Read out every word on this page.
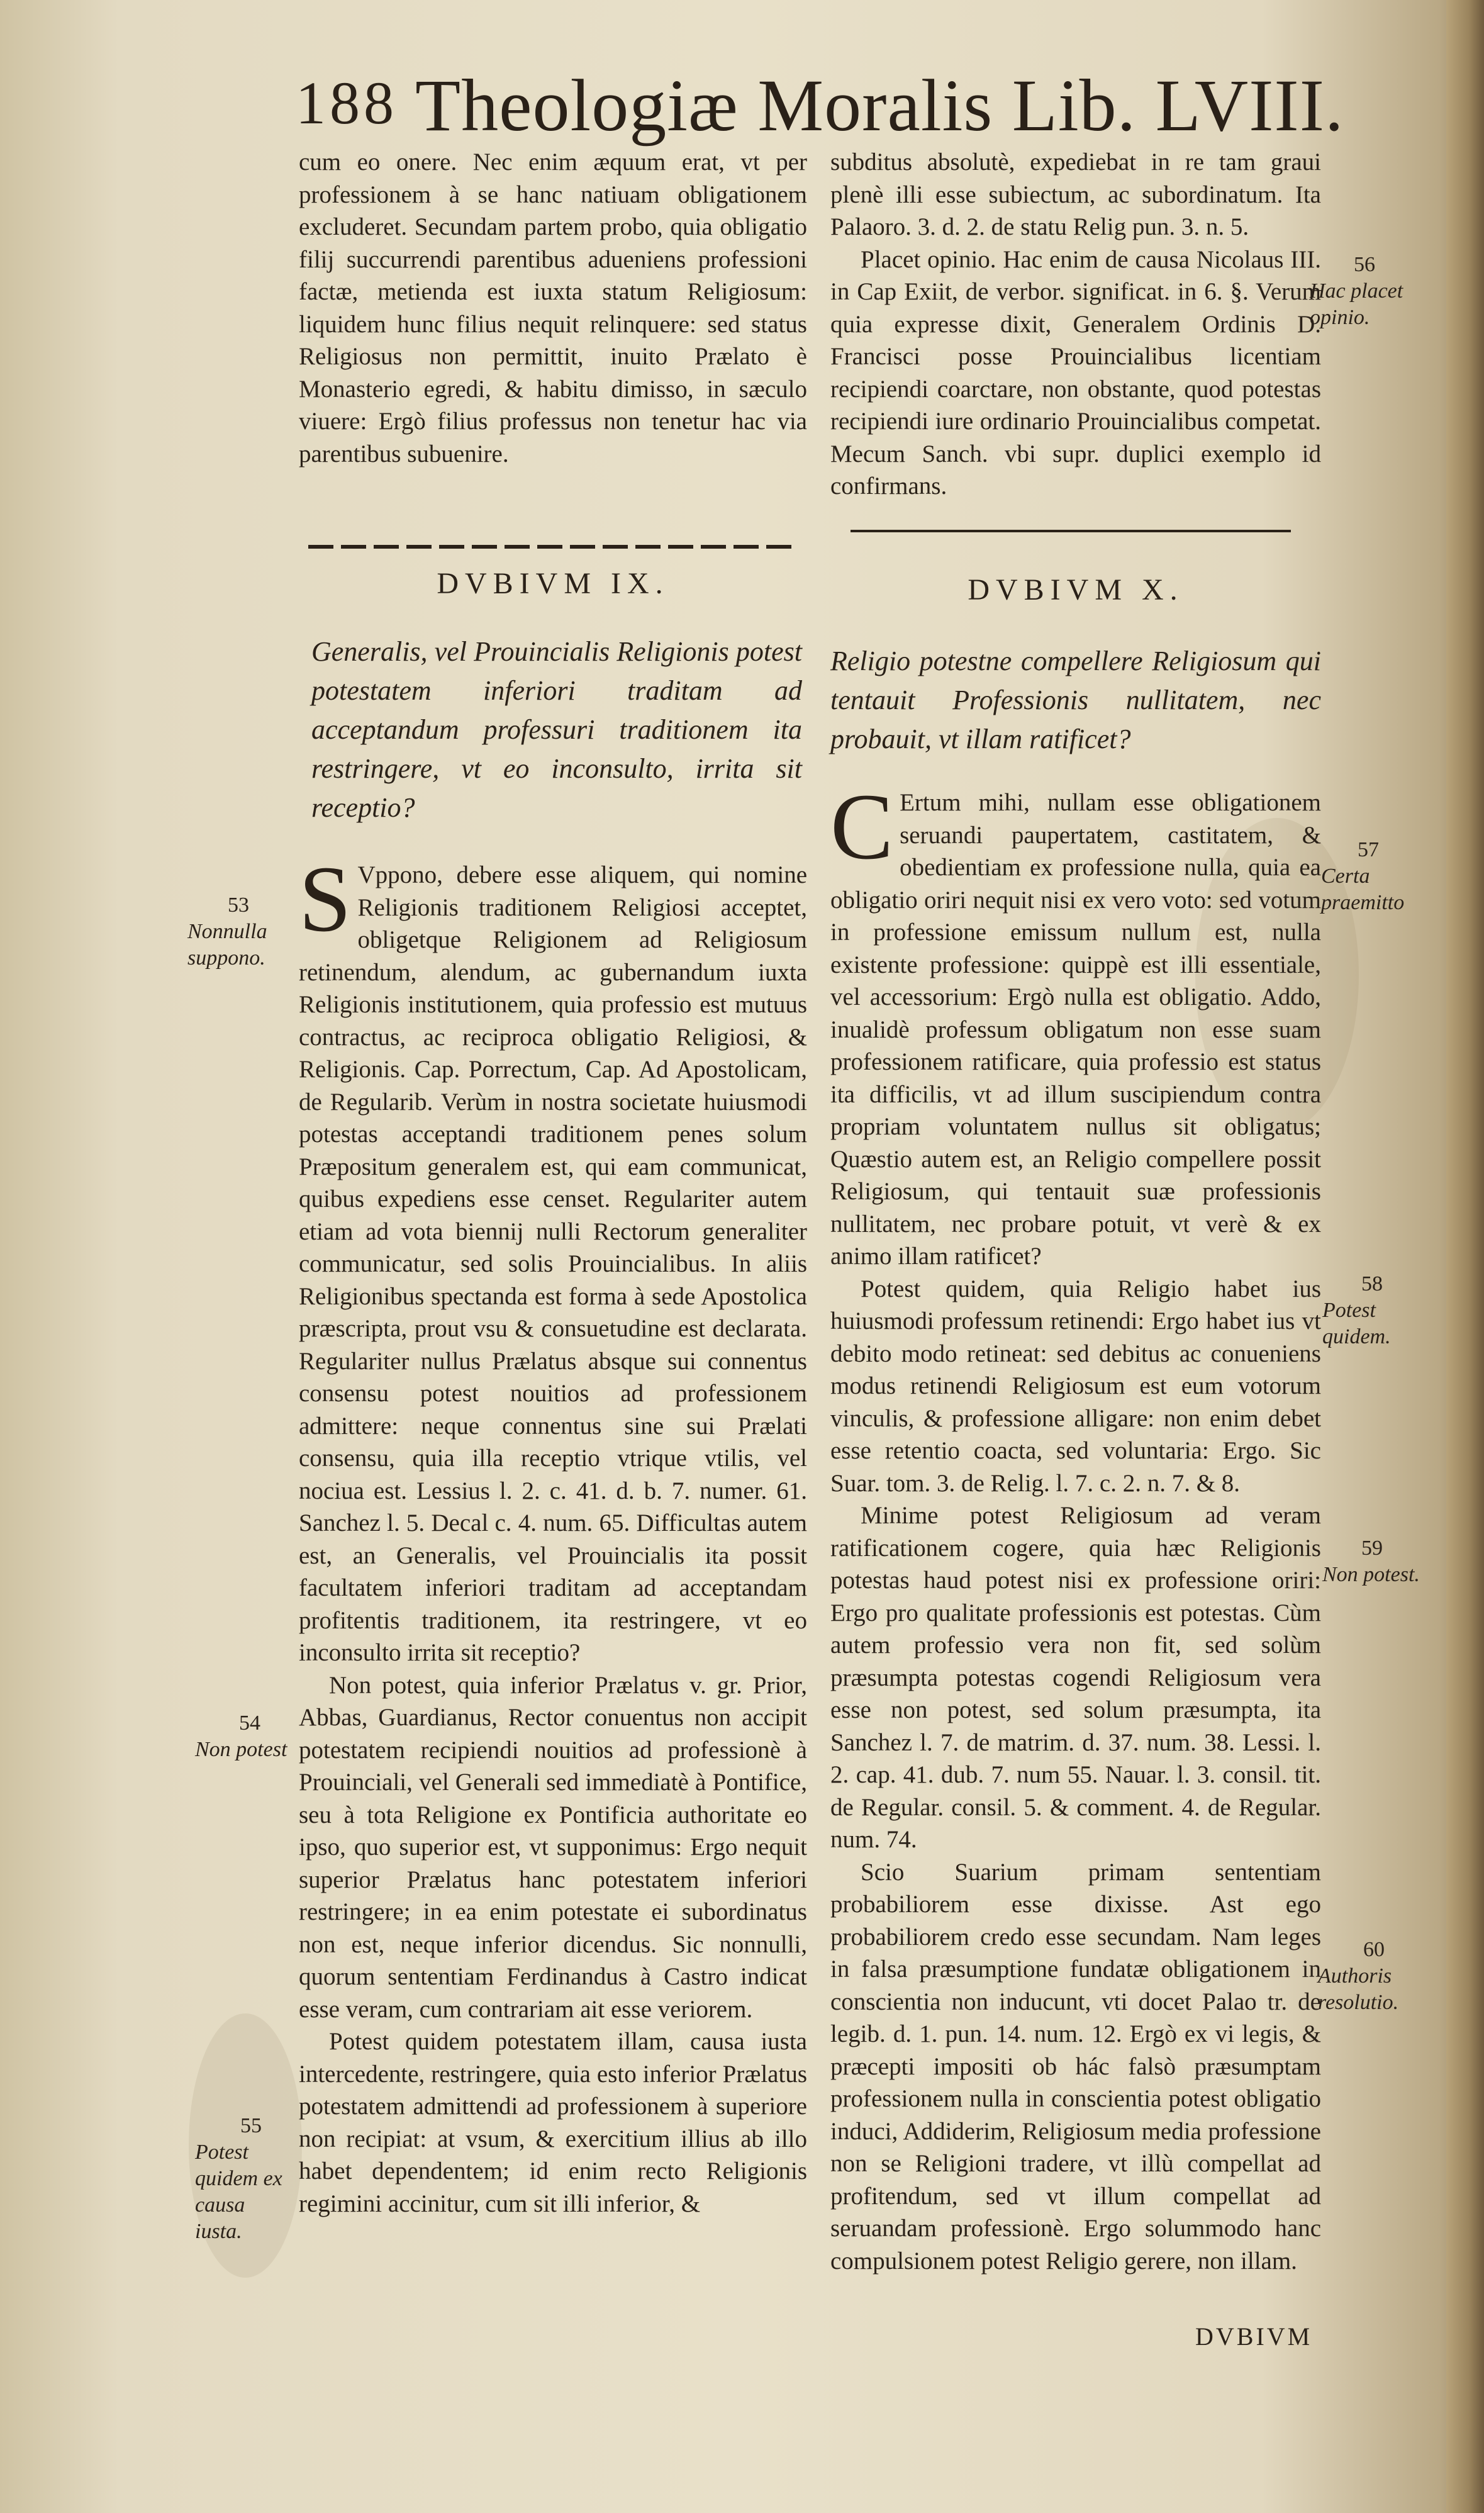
188 Theologiæ Moralis Lib. LVIII.

cum eo onere. Nec enim æquum erat, vt per professionem à se hanc natiuam obligationem excluderet. Secundam partem probo, quia obligatio filij succurrendi parentibus adueniens professioni factæ, metienda est iuxta statum Religiosum: liquidem hunc filius nequit relinquere: sed status Religiosus non permittit, inuito Prælato è Monasterio egredi, & habitu dimisso, in sæculo viuere: Ergò filius professus non tenetur hac via parentibus subuenire.

subditus absolutè, expediebat in re tam graui plenè illi esse subiectum, ac subordinatum. Ita Palaoro. 3. d. 2. de statu Relig pun. 3. n. 5.

Placet opinio. Hac enim de causa Nicolaus III. in Cap Exiit, de verbor. significat. in 6. §. Verum quia expresse dixit, Generalem Ordinis D. Francisci posse Prouincialibus licentiam recipiendi coarctare, non obstante, quod potestas recipiendi iure ordinario Prouincialibus competat. Mecum Sanch. vbi supr. duplici exemplo id confirmans.

DVBIVM IX.
Generalis, vel Prouincialis Religionis potest potestatem inferiori traditam ad acceptandum professuri traditionem ita restringere, vt eo inconsulto, irrita sit receptio?

S Vppono, debere esse aliquem, qui nomine Religionis traditionem Religiosi acceptet, obligetque Religionem ad Religiosum retinendum, alendum, ac gubernandum iuxta Religionis institutionem, quia professio est mutuus contractus, ac reciproca obligatio Religiosi, & Religionis. Cap. Porrectum, Cap. Ad Apostolicam, de Regularib. Verùm in nostra societate huiusmodi potestas acceptandi traditionem penes solum Præpositum generalem est, qui eam communicat, quibus expediens esse censet. Regulariter autem etiam ad vota biennij nulli Rectorum generaliter communicatur, sed solis Prouincialibus. In aliis Religionibus spectanda est forma à sede Apostolica præscripta, prout vsu & consuetudine est declarata. Regulariter nullus Prælatus absque sui connentus consensu potest nouitios ad professionem admittere: neque connentus sine sui Prælati consensu, quia illa receptio vtrique vtilis, vel nociua est. Lessius l. 2. c. 41. d. b. 7. numer. 61. Sanchez l. 5. Decal c. 4. num. 65. Difficultas autem est, an Generalis, vel Prouincialis ita possit facultatem inferiori traditam ad acceptandam profitentis traditionem, ita restringere, vt eo inconsulto irrita sit receptio?

Non potest, quia inferior Prælatus v. gr. Prior, Abbas, Guardianus, Rector conuentus non accipit potestatem recipiendi nouitios ad professionè à Prouinciali, vel Generali sed immediatè à Pontifice, seu à tota Religione ex Pontificia authoritate eo ipso, quo superior est, vt supponimus: Ergo nequit superior Prælatus hanc potestatem inferiori restringere; in ea enim potestate ei subordinatus non est, neque inferior dicendus. Sic nonnulli, quorum sententiam Ferdinandus à Castro indicat esse veram, cum contrariam ait esse veriorem.

Potest quidem potestatem illam, causa iusta intercedente, restringere, quia esto inferior Prælatus potestatem admittendi ad professionem à superiore non recipiat: at vsum, & exercitium illius ab illo habet dependentem; id enim recto Religionis regimini accinitur, cum sit illi inferior, &

DVBIVM X.
Religio potestne compellere Religiosum qui tentauit Professionis nullitatem, nec probauit, vt illam ratificet?

C Ertum mihi, nullam esse obligationem seruandi paupertatem, castitatem, & obedientiam ex professione nulla, quia ea obligatio oriri nequit nisi ex vero voto: sed votum in professione emissum nullum est, nulla existente professione: quippè est illi essentiale, vel accessorium: Ergò nulla est obligatio. Addo, inualidè professum obligatum non esse suam professionem ratificare, quia professio est status ita difficilis, vt ad illum suscipiendum contra propriam voluntatem nullus sit obligatus; Quæstio autem est, an Religio compellere possit Religiosum, qui tentauit suæ professionis nullitatem, nec probare potuit, vt verè & ex animo illam ratificet?

Potest quidem, quia Religio habet ius huiusmodi professum retinendi: Ergo habet ius vt debito modo retineat: sed debitus ac conueniens modus retinendi Religiosum est eum votorum vinculis, & professione alligare: non enim debet esse retentio coacta, sed voluntaria: Ergo. Sic Suar. tom. 3. de Relig. l. 7. c. 2. n. 7. & 8.

Minime potest Religiosum ad veram ratificationem cogere, quia hæc Religionis potestas haud potest nisi ex professione oriri: Ergo pro qualitate professionis est potestas. Cùm autem professio vera non fit, sed solùm præsumpta potestas cogendi Religiosum vera esse non potest, sed solum præsumpta, ita Sanchez l. 7. de matrim. d. 37. num. 38. Lessi. l. 2. cap. 41. dub. 7. num 55. Nauar. l. 3. consil. tit. de Regular. consil. 5. & comment. 4. de Regular. num. 74.

Scio Suarium primam sententiam probabiliorem esse dixisse. Ast ego probabiliorem credo esse secundam. Nam leges in falsa præsumptione fundatæ obligationem in conscientia non inducunt, vti docet Palao tr. de legib. d. 1. pun. 14. num. 12. Ergò ex vi legis, & præcepti impositi ob hác falsò præsumptam professionem nulla in conscientia potest obligatio induci, Addiderim, Religiosum media professione non se Religioni tradere, vt illù compellat ad profitendum, sed vt illum compellat ad seruandam professionè. Ergo solummodo hanc compulsionem potest Religio gerere, non illam.

53
Nonnulla suppono.
54
Non potest
55
Potest quidem ex causa iusta.
56
Hac placet opinio.
57
Certa praemitto
58
Potest quidem.
59
Non potest.
60
Authoris resolutio.
DVBIVM
